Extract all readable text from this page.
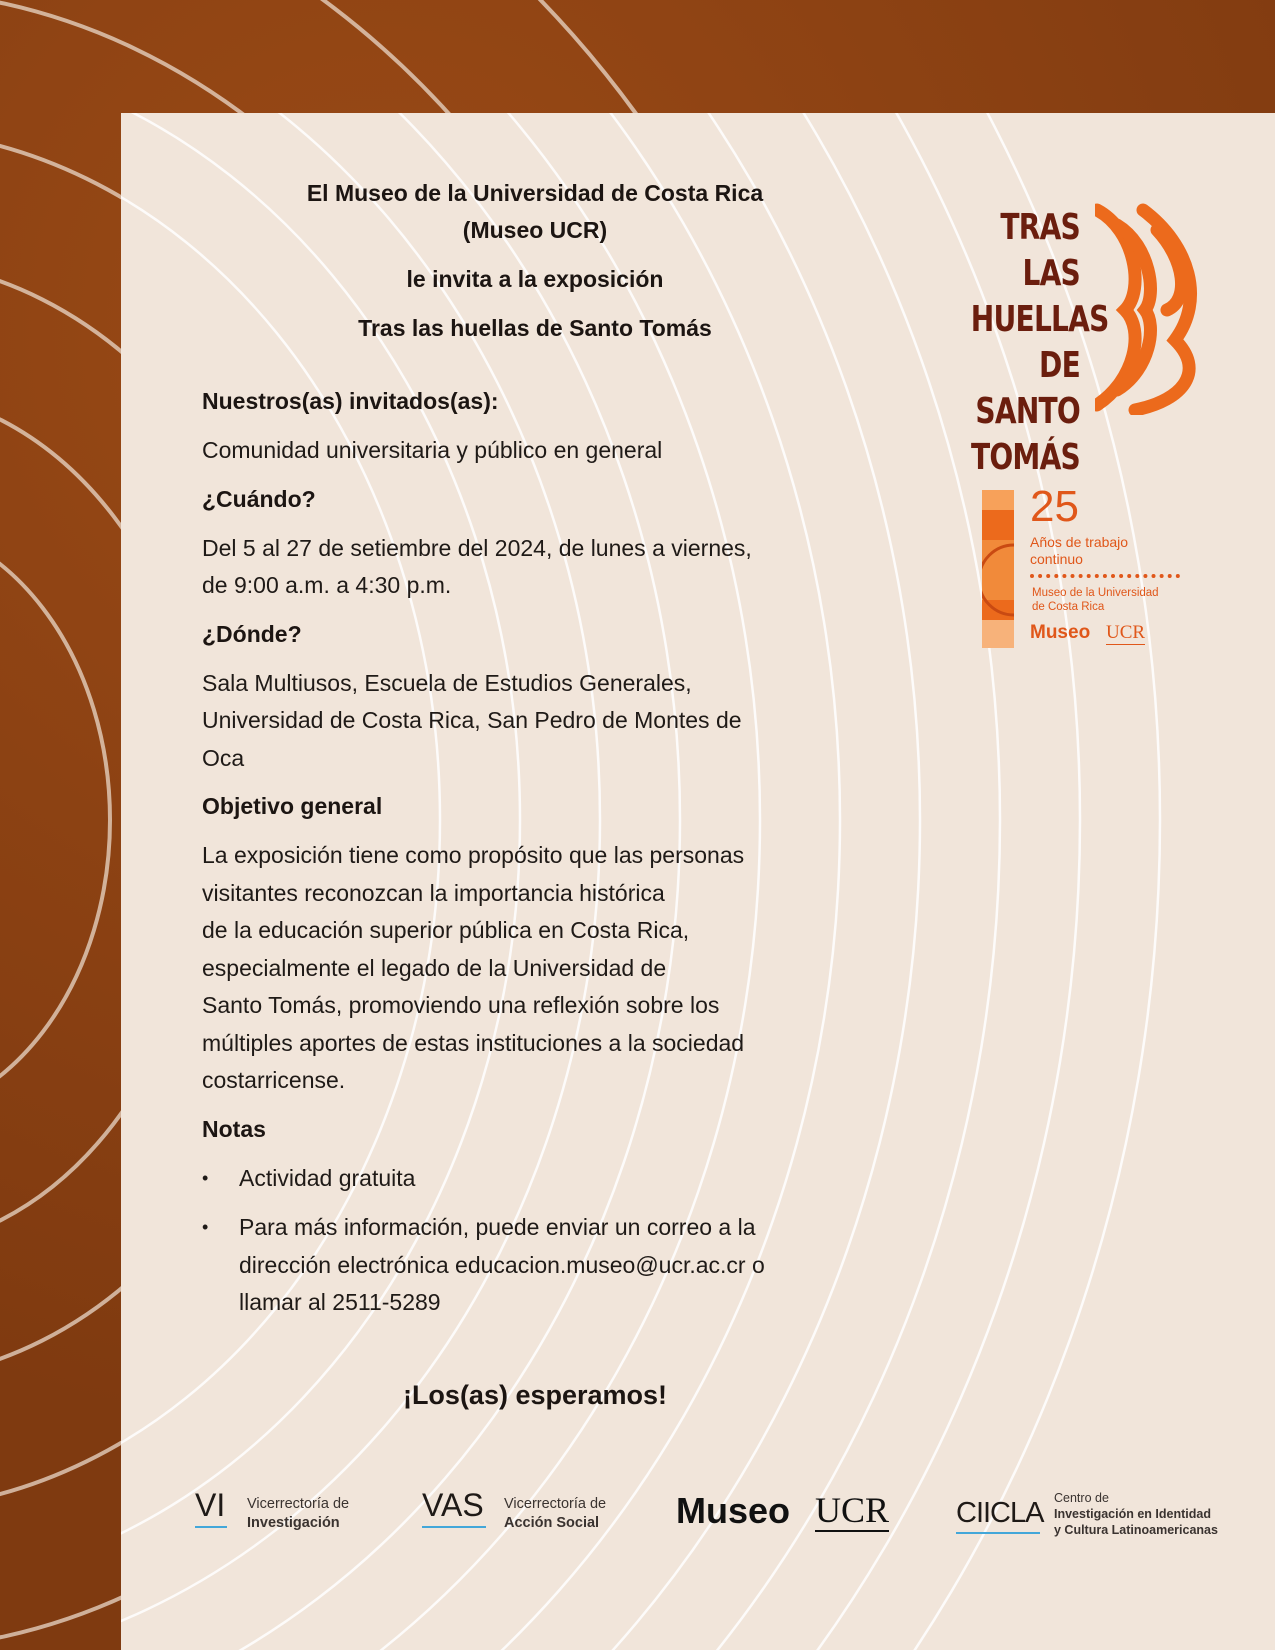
El Museo de la Universidad de Costa Rica

(Museo UCR)

le invita a la exposición

Tras las huellas de Santo Tomás

Nuestros(as) invitados(as):

Comunidad universitaria y público en general

¿Cuándo?

Del 5 al 27 de setiembre del 2024, de lunes a viernes,
de 9:00 a.m. a 4:30 p.m.

¿Dónde?

Sala Multiusos, Escuela de Estudios Generales,
Universidad de Costa Rica, San Pedro de Montes de
Oca

Objetivo general

La exposición tiene como propósito que las personas
visitantes reconozcan la importancia histórica
de la educación superior pública en Costa Rica,
especialmente el legado de la Universidad de
Santo Tomás, promoviendo una reflexión sobre los
múltiples aportes de estas instituciones a la sociedad
costarricense.

Notas

• Actividad gratuita
• Para más información, puede enviar un correo a la
dirección electrónica educacion.museo@ucr.ac.cr o
llamar al 2511-5289

¡Los(as) esperamos!

TRAS LAS
HUELLAS
DE SANTO
TOMÁS

25

Años de trabajo
continuo

Museo de la Universidad
de Costa Rica

Museo UCR

VI	Vicerrectoría de
Investigación	VAS	Vicerrectoría de
Acción Social	Museo UCR CIICLA Centro de
Investigación en Identidad
y Cultura Latinoamericanas
